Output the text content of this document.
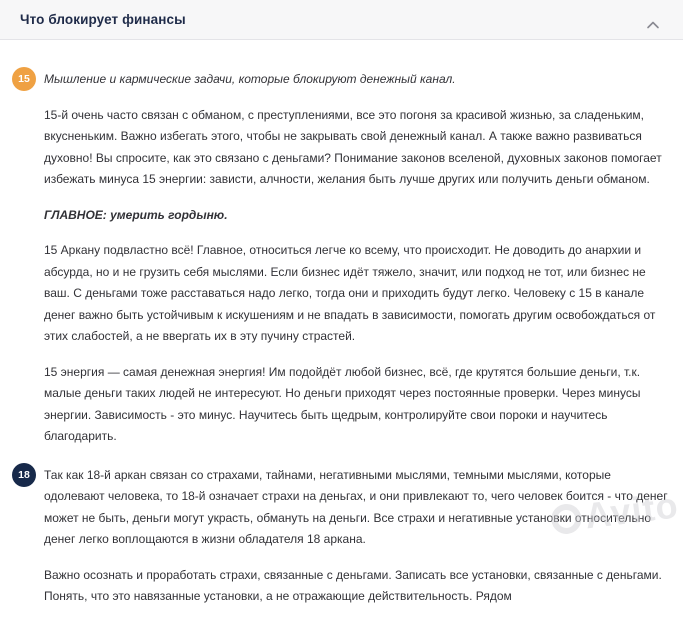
Что блокирует финансы
15	Мышление и кармические задачи, которые блокируют денежный канал.

15-й очень часто связан с обманом, с преступлениями, все это погоня за красивой жизнью, за сладеньким, вкусненьким. Важно избегать этого, чтобы не закрывать свой денежный канал. А также важно развиваться духовно! Вы спросите, как это связано с деньгами? Понимание законов вселеной, духовных законов помогает избежать минуса 15 энергии: зависти, алчности, желания быть лучше других или получить деньги обманом.

ГЛАВНОЕ: умерить гордыню.

15 Аркану подвластно всё! Главное, относиться легче ко всему, что происходит. Не доводить до анархии и абсурда, но и не грузить себя мыслями. Если бизнес идёт тяжело, значит, или подход не тот, или бизнес не ваш. С деньгами тоже расставаться надо легко, тогда они и приходить будут легко. Человеку с 15 в канале денег важно быть устойчивым к искушениям и не впадать в зависимости, помогать другим освобождаться от этих слабостей, а не ввергать их в эту пучину страстей.

15 энергия — самая денежная энергия! Им подойдёт любой бизнес, всё, где крутятся большие деньги, т.к. малые деньги таких людей не интересуют. Но деньги приходят через постоянные проверки. Через минусы энергии. Зависимость - это минус. Научитесь быть щедрым, контролируйте свои пороки и научитесь благодарить.

18	Так как 18-й аркан связан со страхами, тайнами, негативными мыслями, темными мыслями, которые одолевают человека, то 18-й означает страхи на деньгах, и они привлекают то, чего человек боится - что денег может не быть, деньги могут украсть, обмануть на деньги. Все страхи и негативные установки относительно денег легко воплощаются в жизни обладателя 18 аркана.

Важно осознать и проработать страхи, связанные с деньгами. Записать все установки, связанные с деньгами. Понять, что это навязанные установки, а не отражающие действительность. Рядом

Avito
